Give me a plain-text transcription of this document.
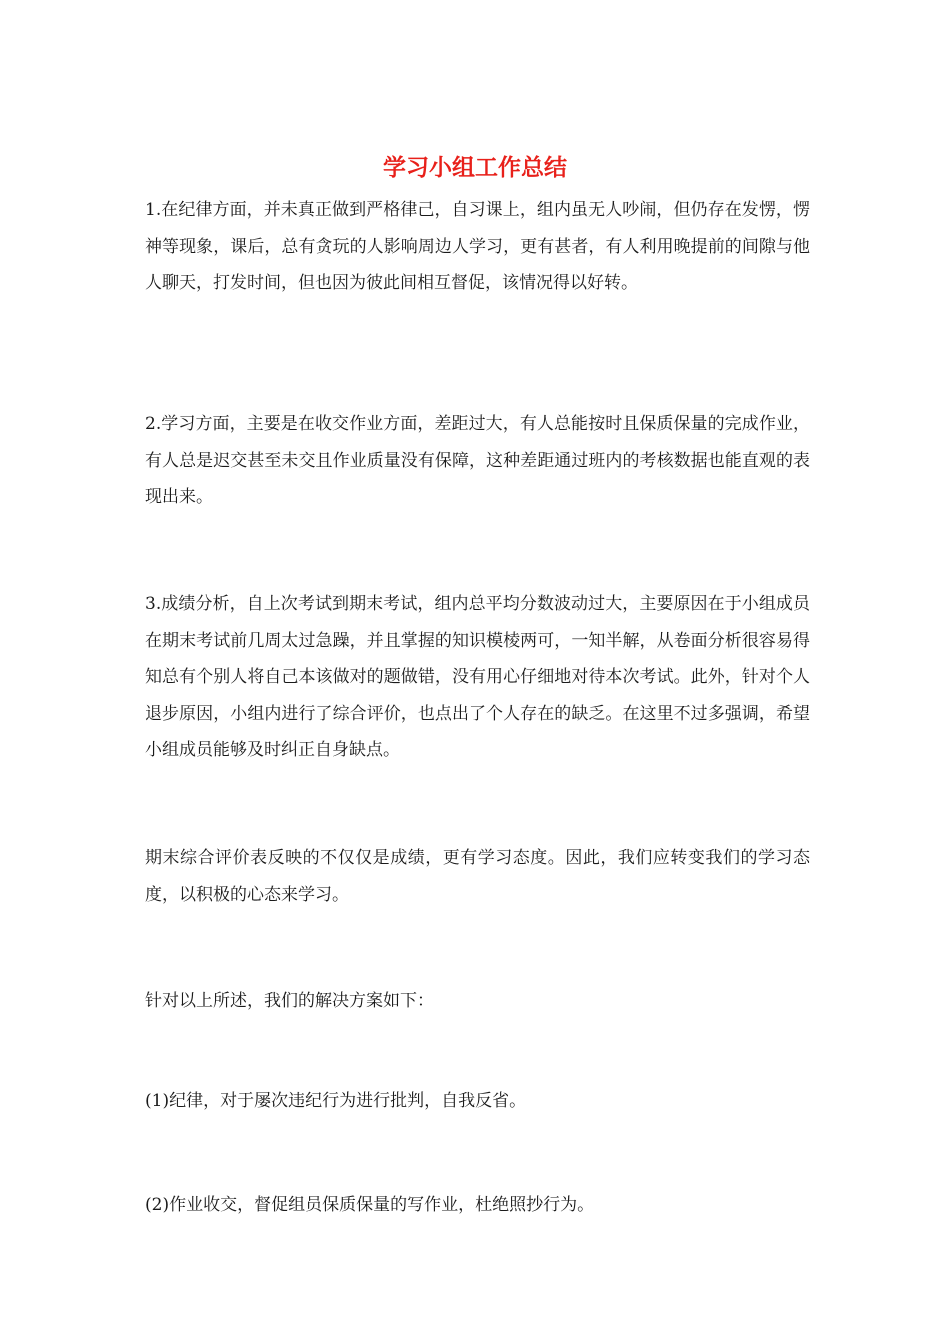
学习小组工作总结

1.在纪律方面，并未真正做到严格律己，自习课上，组内虽无人吵闹，但仍存在发愣，愣神等现象，课后，总有贪玩的人影响周边人学习，更有甚者，有人利用晚提前的间隙与他人聊天，打发时间，但也因为彼此间相互督促，该情况得以好转。

2.学习方面，主要是在收交作业方面，差距过大，有人总能按时且保质保量的完成作业，有人总是迟交甚至未交且作业质量没有保障，这种差距通过班内的考核数据也能直观的表现出来。

3.成绩分析，自上次考试到期末考试，组内总平均分数波动过大，主要原因在于小组成员在期末考试前几周太过急躁，并且掌握的知识模棱两可，一知半解，从卷面分析很容易得知总有个别人将自己本该做对的题做错，没有用心仔细地对待本次考试。此外，针对个人退步原因，小组内进行了综合评价，也点出了个人存在的缺乏。在这里不过多强调，希望小组成员能够及时纠正自身缺点。

期末综合评价表反映的不仅仅是成绩，更有学习态度。因此，我们应转变我们的学习态度，以积极的心态来学习。

针对以上所述，我们的解决方案如下：

(1)纪律，对于屡次违纪行为进行批判，自我反省。

(2)作业收交，督促组员保质保量的写作业，杜绝照抄行为。
